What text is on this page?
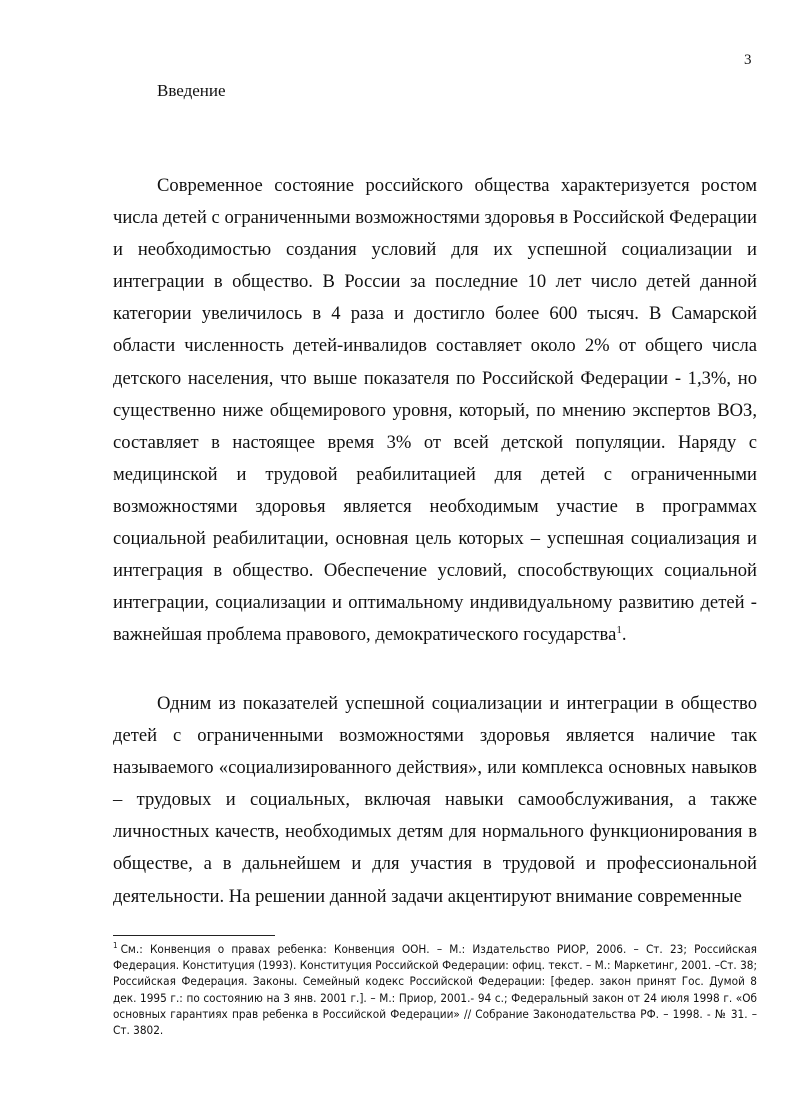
3
Введение
Современное состояние российского общества характеризуется ростом числа детей с ограниченными возможностями здоровья в Российской Федерации и необходимостью создания условий для их успешной социализации и интеграции в общество. В России за последние 10 лет число детей данной категории увеличилось в 4 раза и достигло более 600 тысяч. В Самарской области численность детей-инвалидов составляет около 2% от общего числа детского населения, что выше показателя по Российской Федерации - 1,3%, но существенно ниже общемирового уровня, который, по мнению экспертов ВОЗ, составляет в настоящее время 3% от всей детской популяции. Наряду с медицинской и трудовой реабилитацией для детей с ограниченными возможностями здоровья является необходимым участие в программах социальной реабилитации, основная цель которых – успешная социализация и интеграция в общество. Обеспечение условий, способствующих социальной интеграции, социализации и оптимальному индивидуальному развитию детей - важнейшая проблема правового, демократического государства$^1$.
Одним из показателей успешной социализации и интеграции в общество детей с ограниченными возможностями здоровья является наличие так называемого «социализированного действия», или комплекса основных навыков – трудовых и социальных, включая навыки самообслуживания, а также личностных качеств, необходимых детям для нормального функционирования в обществе, а в дальнейшем и для участия в трудовой и профессиональной деятельности. На решении данной задачи акцентируют внимание современные
$^1$ См.: Конвенция о правах ребенка: Конвенция ООН. – М.: Издательство РИОР, 2006. – Ст. 23; Российская Федерация. Конституция (1993). Конституция Российской Федерации: офиц. текст. – М.: Маркетинг, 2001. –Ст. 38; Российская Федерация. Законы. Семейный кодекс Российской Федерации: [федер. закон принят Гос. Думой 8 дек. 1995 г.: по состоянию на 3 янв. 2001 г.]. – М.: Приор, 2001.- 94 с.; Федеральный закон от 24 июля 1998 г. «Об основных гарантиях прав ребенка в Российской Федерации» // Собрание Законодательства РФ. – 1998. - № 31. – Ст. 3802.
